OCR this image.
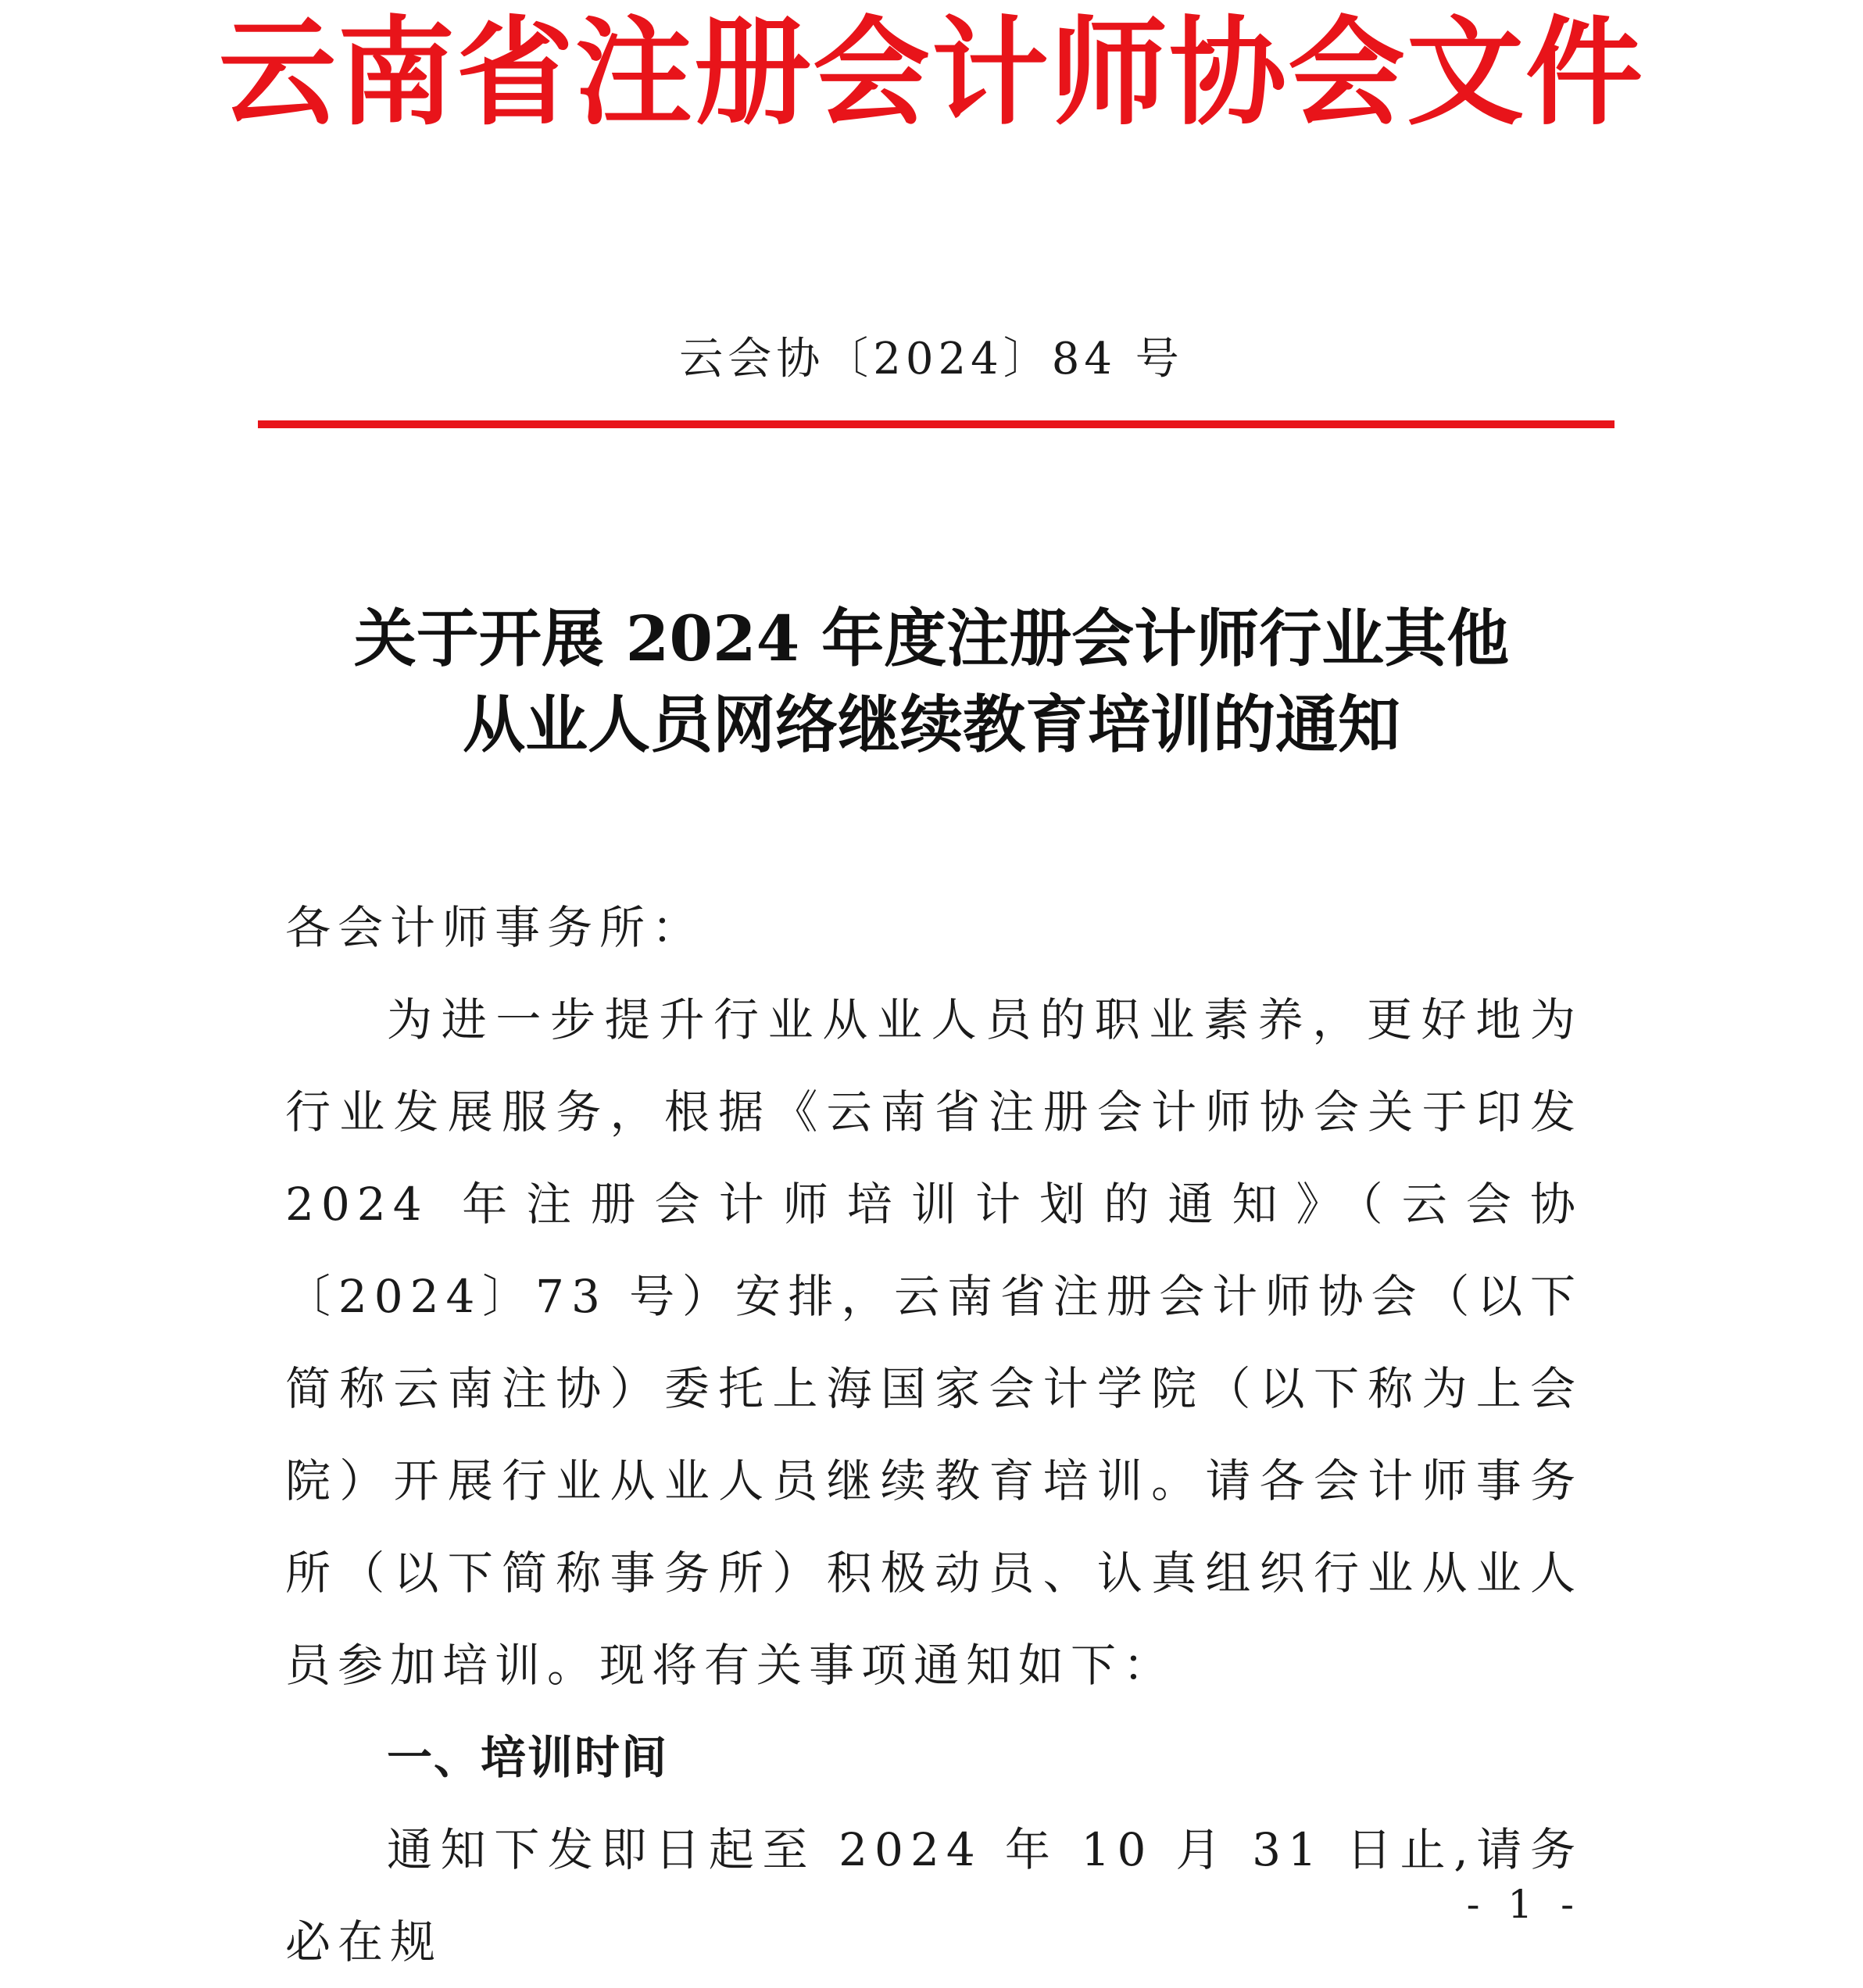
云南省注册会计师协会文件
云会协〔2024〕84 号
关于开展 2024 年度注册会计师行业其他
从业人员网络继续教育培训的通知

各会计师事务所：

为进一步提升行业从业人员的职业素养，更好地为行业发展服务，根据《云南省注册会计师协会关于印发 2024 年注册会计师培训计划的通知》（云会协〔2024〕73 号）安排，云南省注册会计师协会（以下简称云南注协）委托上海国家会计学院（以下称为上会院）开展行业从业人员继续教育培训。请各会计师事务所（以下简称事务所）积极动员、认真组织行业从业人员参加培训。现将有关事项通知如下：

一、培训时间

通知下发即日起至 2024 年 10 月 31 日止,请务必在规

- 1 -
